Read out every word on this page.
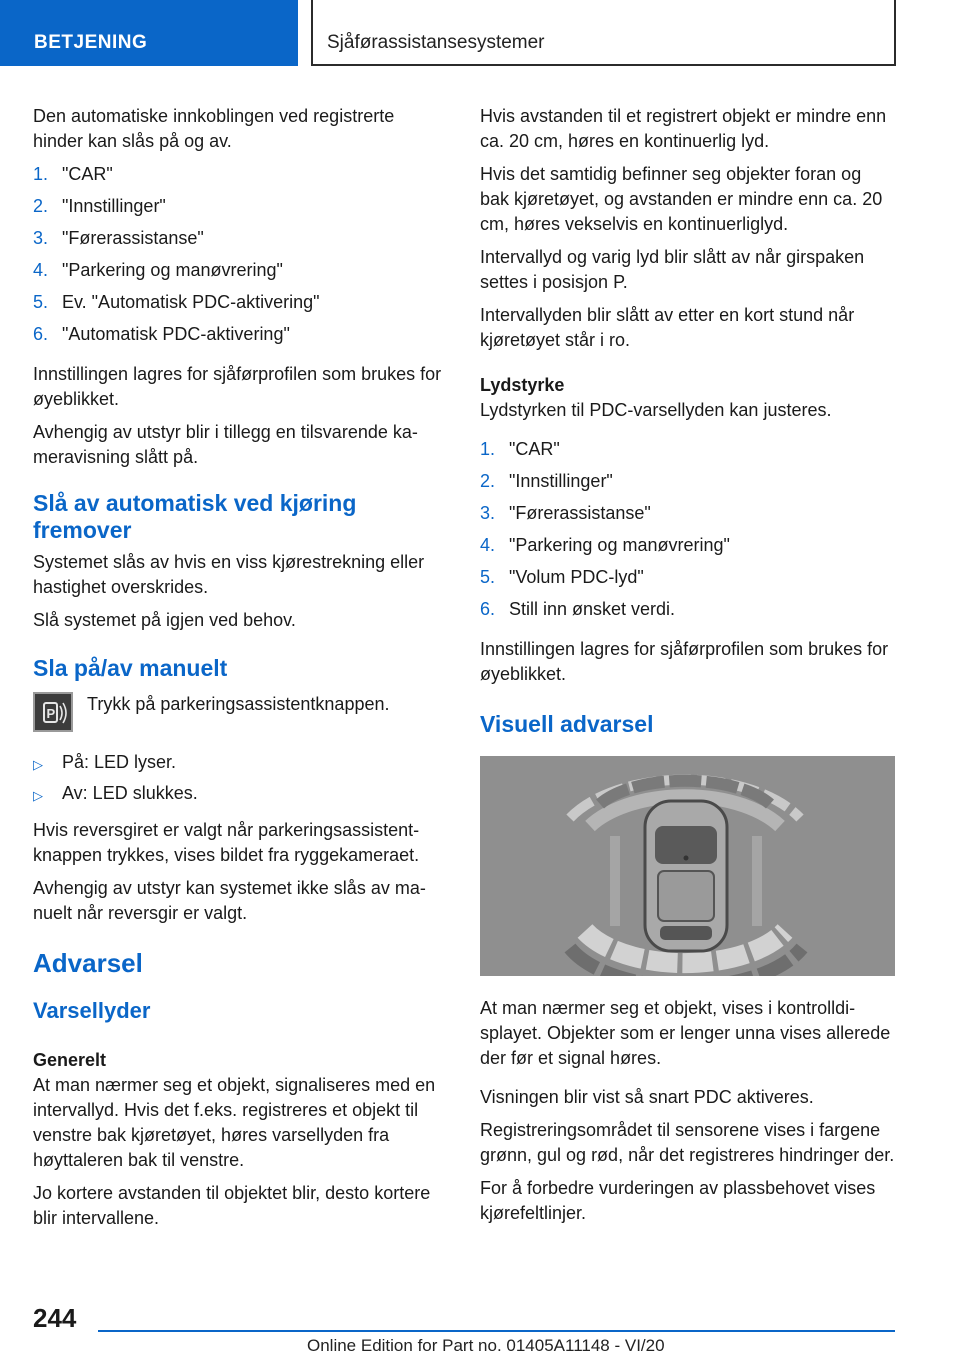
BETJENING	Sjåførassistansesystemer

Den automatiske innkoblingen ved registrerte hinder kan slås på og av.

1. "CAR"
2. "Innstillinger"
3. "Førerassistanse"
4. "Parkering og manøvrering"
5. Ev. "Automatisk PDC-aktivering"
6. "Automatisk PDC-aktivering"

Innstillingen lagres for sjåførprofilen som brukes for øyeblikket.

Avhengig av utstyr blir i tillegg en tilsvarende kameravisning slått på.

Slå av automatisk ved kjøring fremover

Systemet slås av hvis en viss kjørestrekning eller hastighet overskrides.

Slå systemet på igjen ved behov.

Sla på/av manuelt
P Trykk på parkeringsassistentknappen.
▷	På: LED lyser.
▷	Av: LED slukkes.

Hvis reversgiret er valgt når parkeringsassistentknappen trykkes, vises bildet fra ryggekameraet.

Avhengig av utstyr kan systemet ikke slås av manuelt når reversgir er valgt.

Advarsel
Varsellyder
Generelt

At man nærmer seg et objekt, signaliseres med en intervallyd. Hvis det f.eks. registreres et objekt til venstre bak kjøretøyet, høres varsellyden fra høyttaleren bak til venstre.

Jo kortere avstanden til objektet blir, desto kortere blir intervallene.

Hvis avstanden til et registrert objekt er mindre enn ca. 20 cm, høres en kontinuerlig lyd.

Hvis det samtidig befinner seg objekter foran og bak kjøretøyet, og avstanden er mindre enn ca. 20 cm, høres vekselvis en kontinuerliglyd.

Intervallyd og varig lyd blir slått av når girspaken settes i posisjon P.

Intervallyden blir slått av etter en kort stund når kjøretøyet står i ro.

Lydstyrke

Lydstyrken til PDC-varsellyden kan justeres.

1. "CAR"
2. "Innstillinger"
3. "Førerassistanse"
4. "Parkering og manøvrering"
5. "Volum PDC-lyd"
6. Still inn ønsket verdi.

Innstillingen lagres for sjåførprofilen som brukes for øyeblikket.

Visuell advarsel

At man nærmer seg et objekt, vises i kontrolldisplayet. Objekter som er lenger unna vises allerede der før et signal høres.

Visningen blir vist så snart PDC aktiveres.

Registreringsområdet til sensorene vises i fargene grønn, gul og rød, når det registreres hindringer der.

For å forbedre vurderingen av plassbehovet vises kjørefeltlinjer.

244
Online Edition for Part no. 01405A11148 - VI/20
